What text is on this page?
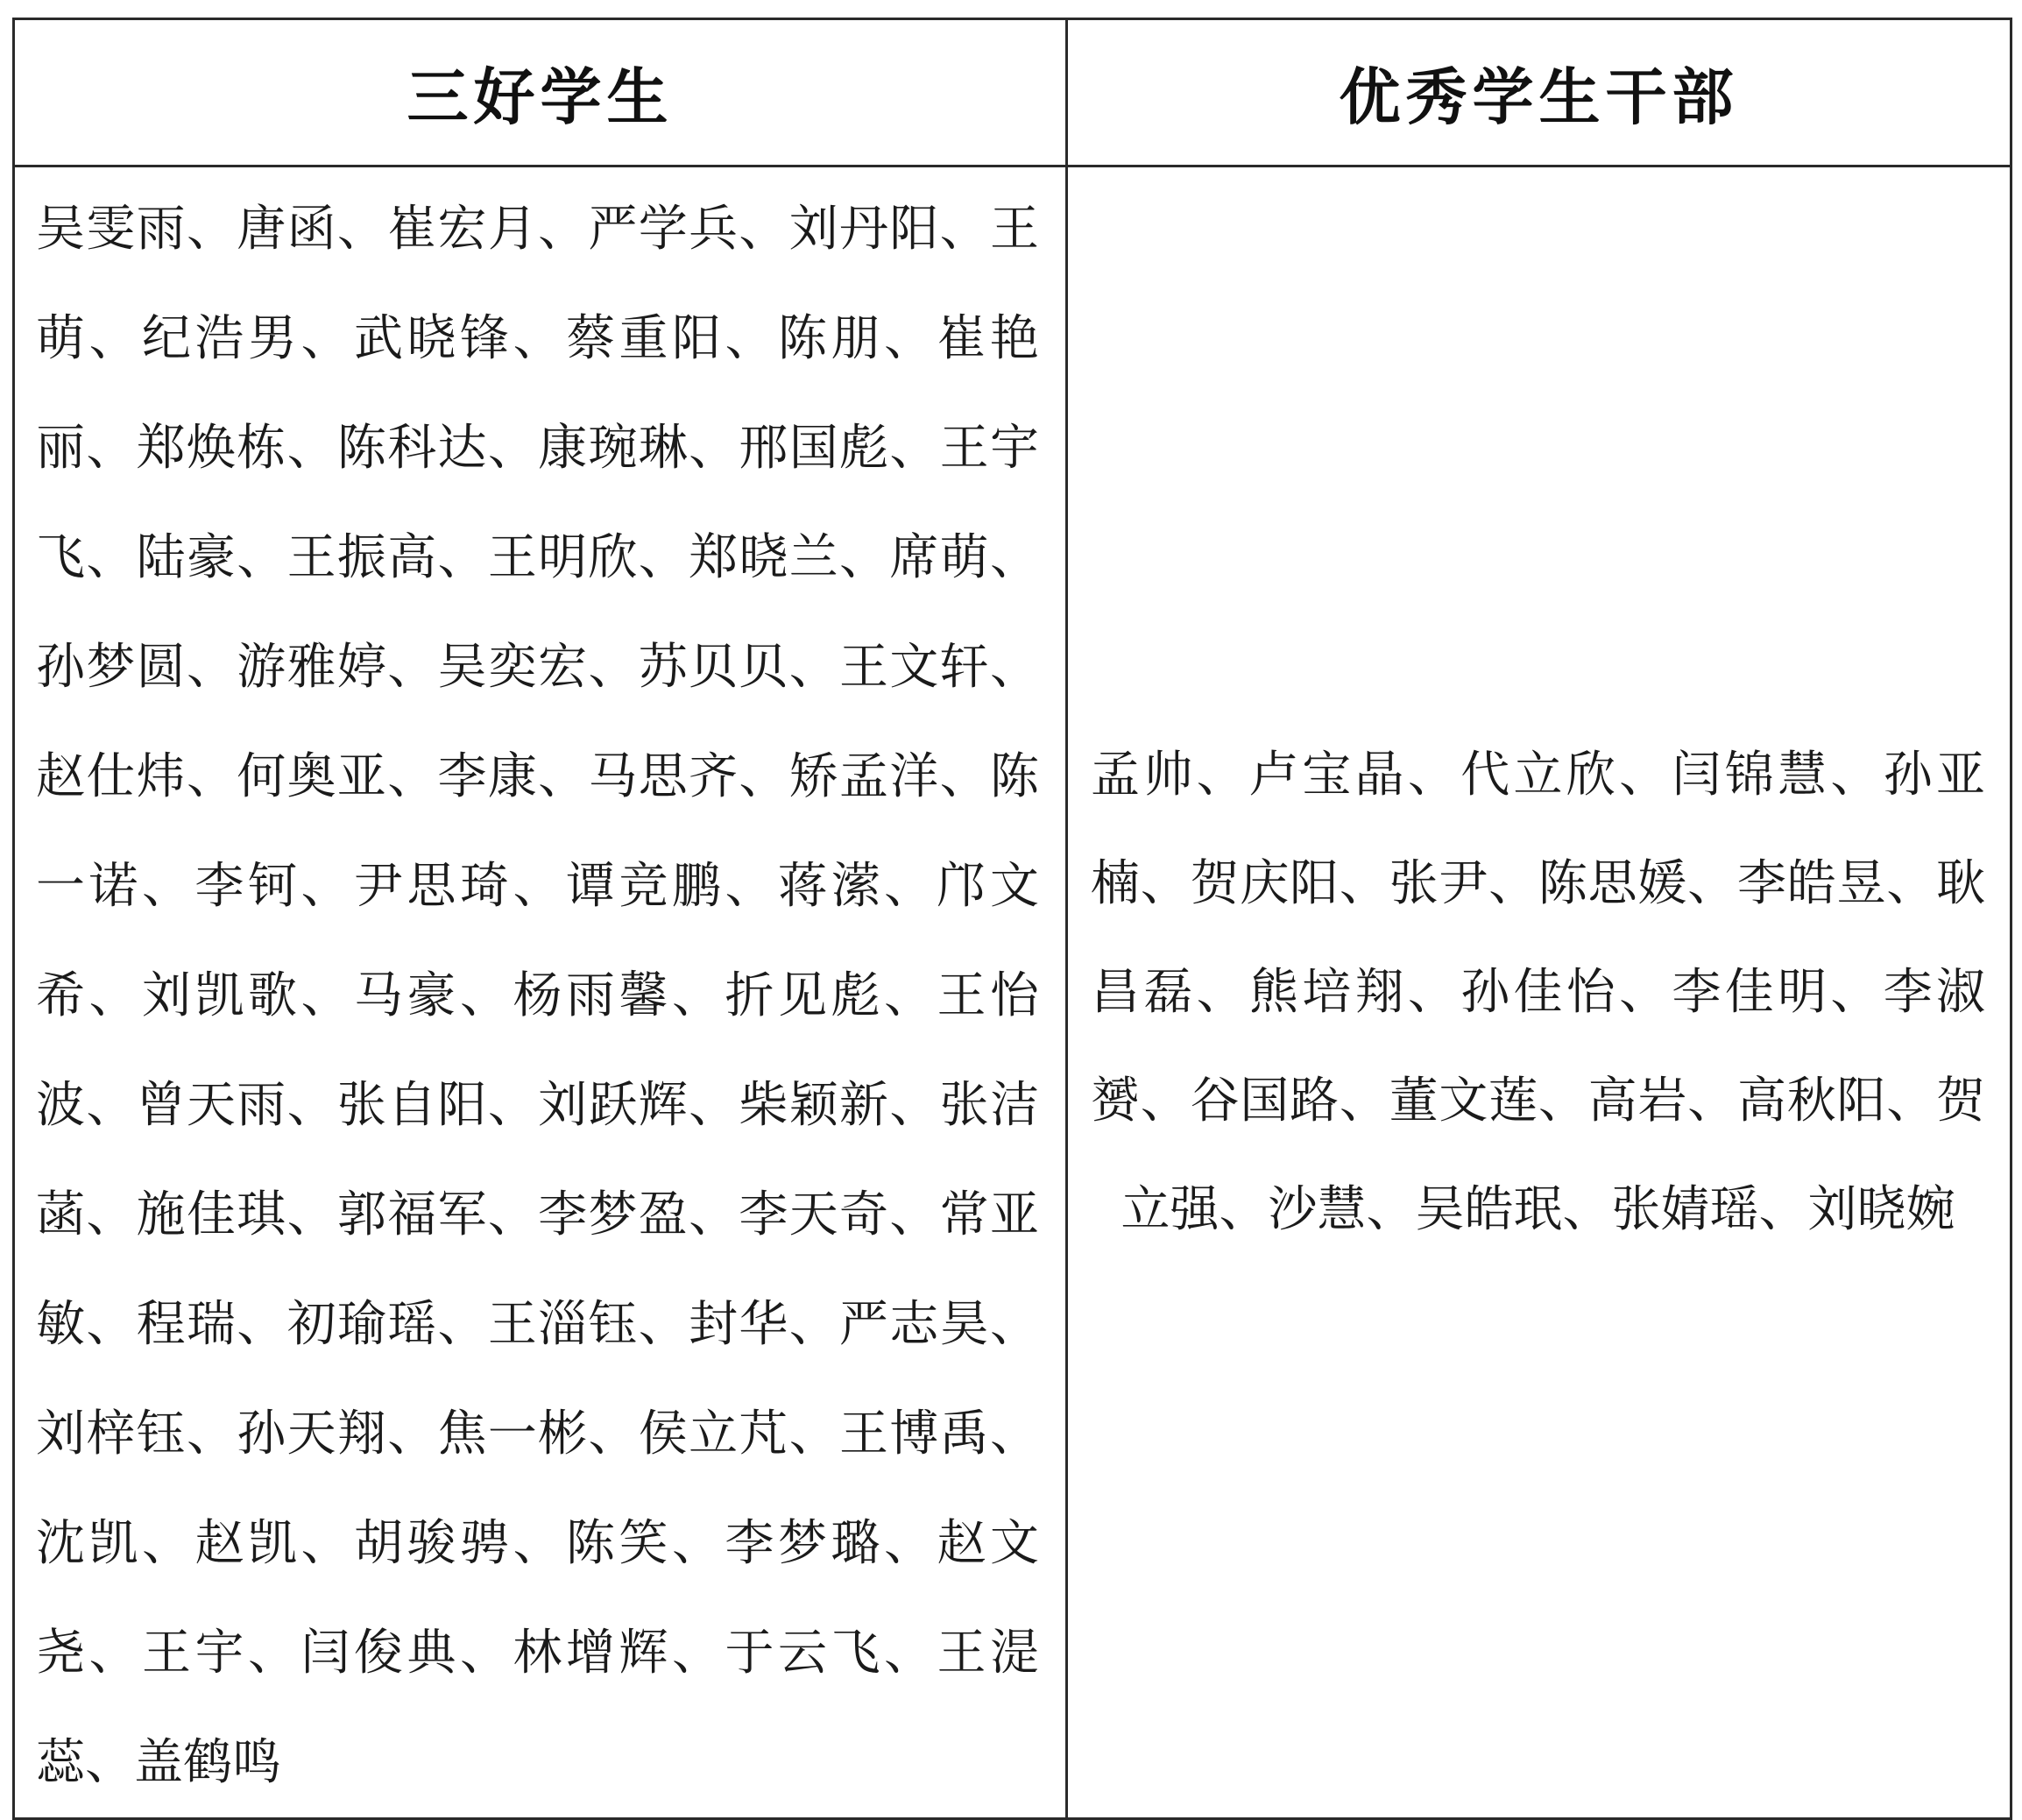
三好学生	优秀学生干部

吴雯雨、唐函、崔宏月、严学兵、刘丹阳、王萌、纪浩男、武晓锋、蔡重阳、陈朋、崔艳丽、郑焕栋、陈科达、康琬琳、邢国彪、王宇飞、陆豪、王振高、王明欣、郑晓兰、席萌、孙梦圆、游雅婷、吴奕宏、苏贝贝、王文轩、赵仕炜、何奥亚、李康、马思齐、矫孟洋、陈一诺、李钶、尹思琦、谭竞鹏、蒋潆、邝文希、刘凯歌、马豪、杨雨馨、折见彪、王怡波、曾天雨、张自阳、刘跃辉、柴颖新、张洁菡、施佳琪、郭福军、李梦盈、李天奇、常亚敏、程瑞、初瑜瑶、王淄钰、封华、严志昊、刘梓钰、孙天翔、焦一彬、侯立芃、王博禹、沈凯、赵凯、胡骏骋、陈笑、李梦璐、赵文尧、王宇、闫俊典、林增辉、于云飞、王湜蕊、盖鹤鸣	孟帅、卢宝晶、代立欣、闫锦慧、孙亚楠、贺庆阳、张尹、陈思媛、李皓昱、耿昌磊、熊培翔、孙佳怡、李佳明、李淑赟、谷国路、董文莲、高岩、高秋阳、贺立强、沙慧、吴皓珉、张婧瑶、刘晓婉
